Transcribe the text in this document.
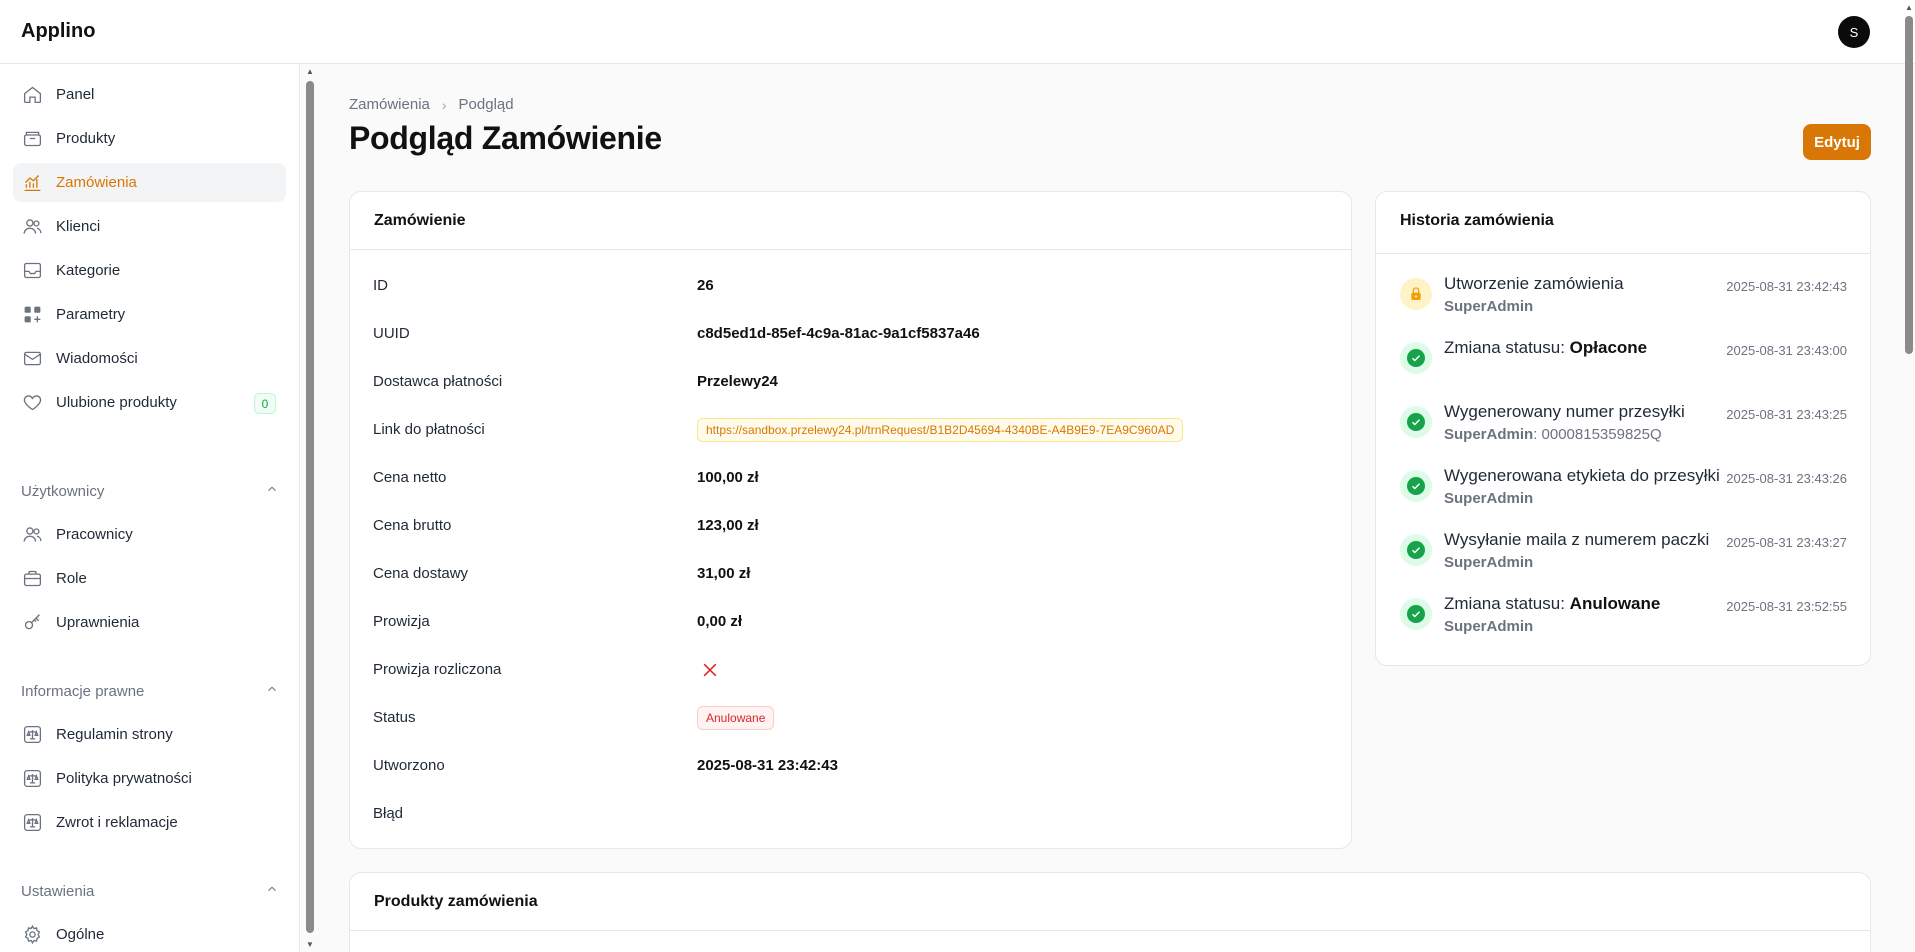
Applino	S
Panel
Produkty
Zamówienia
Klienci
Kategorie
Parametry
Wiadomości
Ulubione produkty	0
Użytkownicy
Pracownicy
Role
Uprawnienia
Informacje prawne
Regulamin strony
Polityka prywatności
Zwrot i reklamacje
Ustawienia
Ogólne
▲
▼
▲
Zamówienia › Podgląd
Podgląd Zamówienie	Edytuj
Zamówienie
ID	26
UUID	c8d5ed1d-85ef-4c9a-81ac-9a1cf5837a46
Dostawca płatności	Przelewy24
Link do płatności	https://sandbox.przelewy24.pl/trnRequest/B1B2D45694-4340BE-A4B9E9-7EA9C960AD
Cena netto	100,00 zł
Cena brutto	123,00 zł
Cena dostawy	31,00 zł
Prowizja	0,00 zł
Prowizja rozliczona
Status	Anulowane
Utworzono	2025-08-31 23:42:43
Błąd
Historia zamówienia
Utworzenie zamówienia
SuperAdmin
2025-08-31 23:42:43
Zmiana statusu: Opłacone	2025-08-31 23:43:00
Wygenerowany numer przesyłki
SuperAdmin: 0000815359825Q
2025-08-31 23:43:25
Wygenerowana etykieta do przesyłki
SuperAdmin
2025-08-31 23:43:26
Wysyłanie maila z numerem paczki
SuperAdmin
2025-08-31 23:43:27
Zmiana statusu: Anulowane
SuperAdmin
2025-08-31 23:52:55
Produkty zamówienia
